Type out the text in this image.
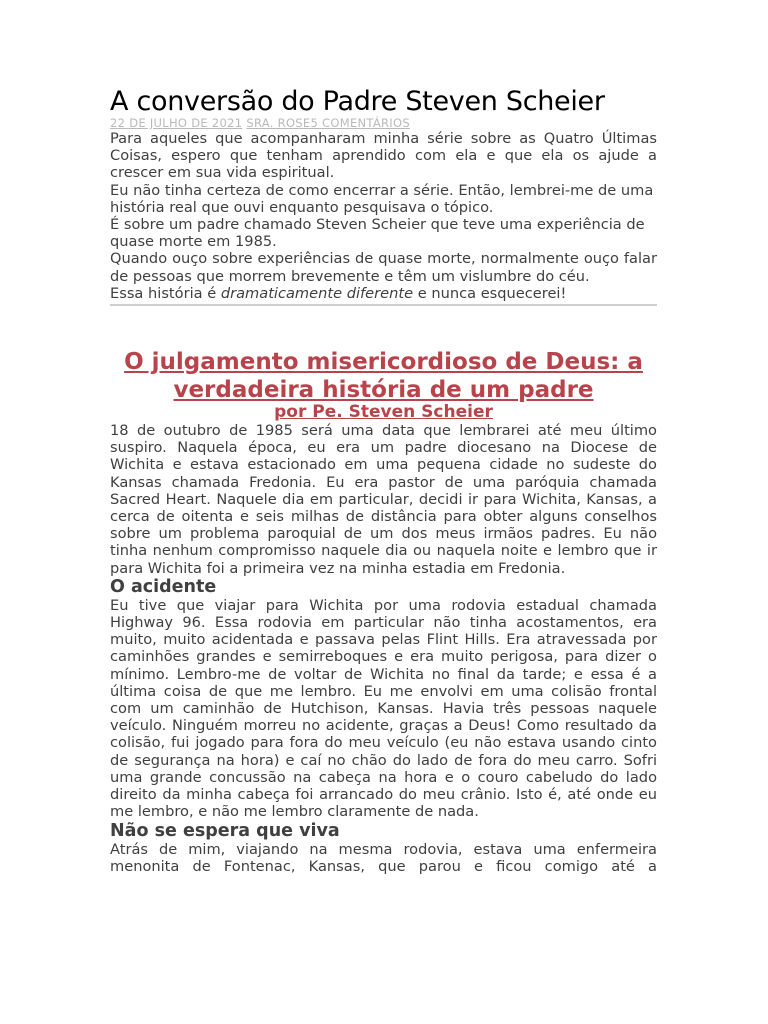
A conversão do Padre Steven Scheier
22 DE JULHO DE 2021 SRA. ROSE5 COMENTÁRIOS

Para aqueles que acompanharam minha série sobre as Quatro Últimas Coisas, espero que tenham aprendido com ela e que ela os ajude a crescer em sua vida espiritual.

Eu não tinha certeza de como encerrar a série. Então, lembrei-me de uma história real que ouvi enquanto pesquisava o tópico.

É sobre um padre chamado Steven Scheier que teve uma experiência de quase morte em 1985.

Quando ouço sobre experiências de quase morte, normalmente ouço falar de pessoas que morrem brevemente e têm um vislumbre do céu.

Essa história é dramaticamente diferente e nunca esquecerei!

O julgamento misericordioso de Deus: a verdadeira história de um padre
por Pe. Steven Scheier

18 de outubro de 1985 será uma data que lembrarei até meu último suspiro. Naquela época, eu era um padre diocesano na Diocese de Wichita e estava estacionado em uma pequena cidade no sudeste do Kansas chamada Fredonia. Eu era pastor de uma paróquia chamada Sacred Heart. Naquele dia em particular, decidi ir para Wichita, Kansas, a cerca de oitenta e seis milhas de distância para obter alguns conselhos sobre um problema paroquial de um dos meus irmãos padres. Eu não tinha nenhum compromisso naquele dia ou naquela noite e lembro que ir para Wichita foi a primeira vez na minha estadia em Fredonia.

O acidente

Eu tive que viajar para Wichita por uma rodovia estadual chamada Highway 96. Essa rodovia em particular não tinha acostamentos, era muito, muito acidentada e passava pelas Flint Hills. Era atravessada por caminhões grandes e semirreboques e era muito perigosa, para dizer o mínimo. Lembro-me de voltar de Wichita no final da tarde; e essa é a última coisa de que me lembro. Eu me envolvi em uma colisão frontal com um caminhão de Hutchison, Kansas. Havia três pessoas naquele veículo. Ninguém morreu no acidente, graças a Deus! Como resultado da colisão, fui jogado para fora do meu veículo (eu não estava usando cinto de segurança na hora) e caí no chão do lado de fora do meu carro. Sofri uma grande concussão na cabeça na hora e o couro cabeludo do lado direito da minha cabeça foi arrancado do meu crânio. Isto é, até onde eu me lembro, e não me lembro claramente de nada.

Não se espera que viva

Atrás de mim, viajando na mesma rodovia, estava uma enfermeira menonita de Fontenac, Kansas, que parou e ficou comigo até a
